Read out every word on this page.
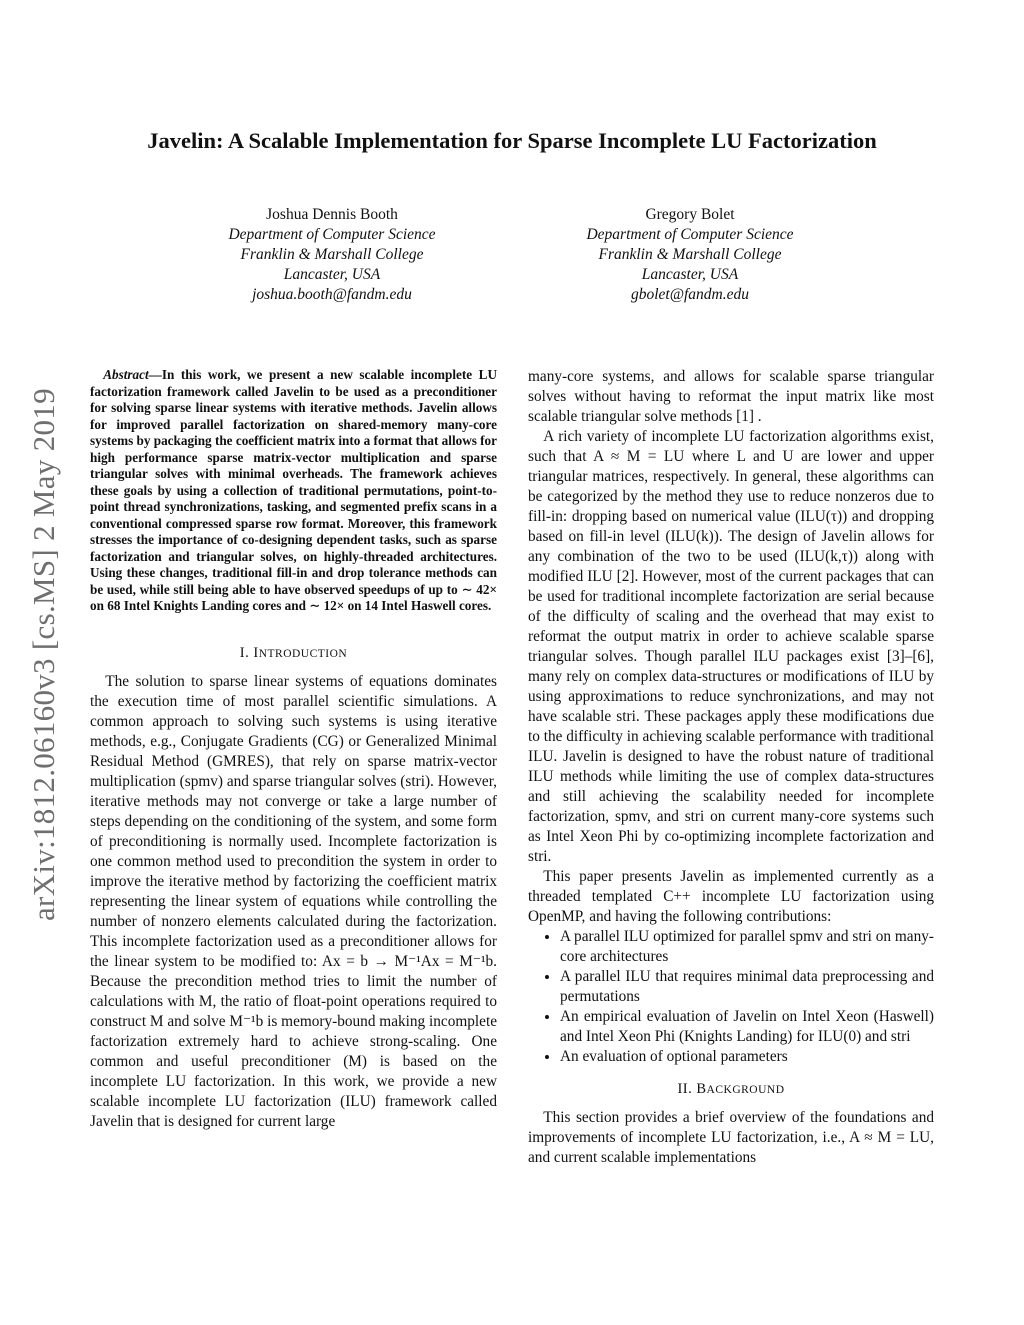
arXiv:1812.06160v3 [cs.MS] 2 May 2019
Javelin: A Scalable Implementation for Sparse Incomplete LU Factorization
Joshua Dennis Booth
Department of Computer Science
Franklin & Marshall College
Lancaster, USA
joshua.booth@fandm.edu
Gregory Bolet
Department of Computer Science
Franklin & Marshall College
Lancaster, USA
gbolet@fandm.edu

Abstract—In this work, we present a new scalable incomplete LU factorization framework called Javelin to be used as a preconditioner for solving sparse linear systems with iterative methods. Javelin allows for improved parallel factorization on shared-memory many-core systems by packaging the coefficient matrix into a format that allows for high performance sparse matrix-vector multiplication and sparse triangular solves with minimal overheads. The framework achieves these goals by using a collection of traditional permutations, point-to-point thread synchronizations, tasking, and segmented prefix scans in a conventional compressed sparse row format. Moreover, this framework stresses the importance of co-designing dependent tasks, such as sparse factorization and triangular solves, on highly-threaded architectures. Using these changes, traditional fill-in and drop tolerance methods can be used, while still being able to have observed speedups of up to ∼ 42× on 68 Intel Knights Landing cores and ∼ 12× on 14 Intel Haswell cores.

I. INTRODUCTION

The solution to sparse linear systems of equations dominates the execution time of most parallel scientific simulations. A common approach to solving such systems is using iterative methods, e.g., Conjugate Gradients (CG) or Generalized Minimal Residual Method (GMRES), that rely on sparse matrix-vector multiplication (spmv) and sparse triangular solves (stri). However, iterative methods may not converge or take a large number of steps depending on the conditioning of the system, and some form of preconditioning is normally used. Incomplete factorization is one common method used to precondition the system in order to improve the iterative method by factorizing the coefficient matrix representing the linear system of equations while controlling the number of nonzero elements calculated during the factorization. This incomplete factorization used as a preconditioner allows for the linear system to be modified to: Ax = b → M⁻¹Ax = M⁻¹b. Because the precondition method tries to limit the number of calculations with M, the ratio of float-point operations required to construct M and solve M⁻¹b is memory-bound making incomplete factorization extremely hard to achieve strong-scaling. One common and useful preconditioner (M) is based on the incomplete LU factorization. In this work, we provide a new scalable incomplete LU factorization (ILU) framework called Javelin that is designed for current large

many-core systems, and allows for scalable sparse triangular solves without having to reformat the input matrix like most scalable triangular solve methods [1] .

A rich variety of incomplete LU factorization algorithms exist, such that A ≈ M = LU where L and U are lower and upper triangular matrices, respectively. In general, these algorithms can be categorized by the method they use to reduce nonzeros due to fill-in: dropping based on numerical value (ILU(τ)) and dropping based on fill-in level (ILU(k)). The design of Javelin allows for any combination of the two to be used (ILU(k,τ)) along with modified ILU [2]. However, most of the current packages that can be used for traditional incomplete factorization are serial because of the difficulty of scaling and the overhead that may exist to reformat the output matrix in order to achieve scalable sparse triangular solves. Though parallel ILU packages exist [3]–[6], many rely on complex data-structures or modifications of ILU by using approximations to reduce synchronizations, and may not have scalable stri. These packages apply these modifications due to the difficulty in achieving scalable performance with traditional ILU. Javelin is designed to have the robust nature of traditional ILU methods while limiting the use of complex data-structures and still achieving the scalability needed for incomplete factorization, spmv, and stri on current many-core systems such as Intel Xeon Phi by co-optimizing incomplete factorization and stri.

This paper presents Javelin as implemented currently as a threaded templated C++ incomplete LU factorization using OpenMP, and having the following contributions:

• A parallel ILU optimized for parallel spmv and stri on many-core architectures
• A parallel ILU that requires minimal data preprocessing and permutations
• An empirical evaluation of Javelin on Intel Xeon (Haswell) and Intel Xeon Phi (Knights Landing) for ILU(0) and stri
• An evaluation of optional parameters
II. BACKGROUND

This section provides a brief overview of the foundations and improvements of incomplete LU factorization, i.e., A ≈ M = LU, and current scalable implementations
